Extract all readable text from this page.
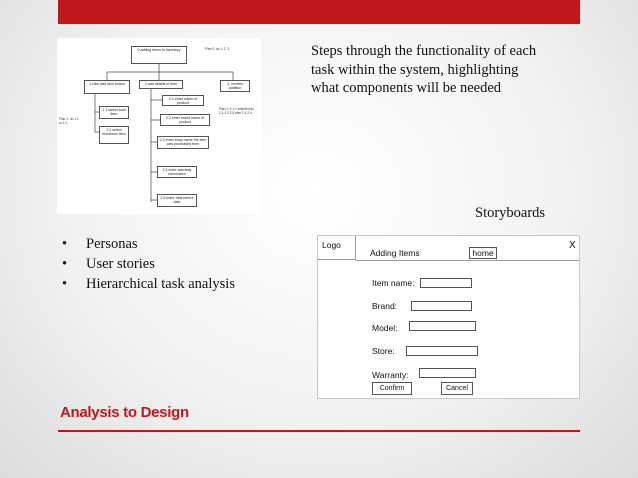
0.adding items to inventory	Plan 0: do 1, 2, 3
1.click add item button	2.add details of item	3. confirm addition
Plan 1: do 1.1 or 1.2
1.1 select food item
1.2 select electronic item
2.1 enter name of product
2.2 enter brand name of product
2.3 enter shop name the item was purchased from
Plan 2: if 1.1 selected do 2.1-2.3 2.5 else 2.1-2.4
2.4 enter warranty information
2.5 enter best before date
Steps through the functionality of each task within the system, highlighting what components will be needed
Storyboards
• Personas
• User stories
• Hierarchical task analysis
Logo
Adding Items	home
X
Item name:
Brand:
Model:
Store:
Warranty:
Confirm	Cancel
Analysis to Design
